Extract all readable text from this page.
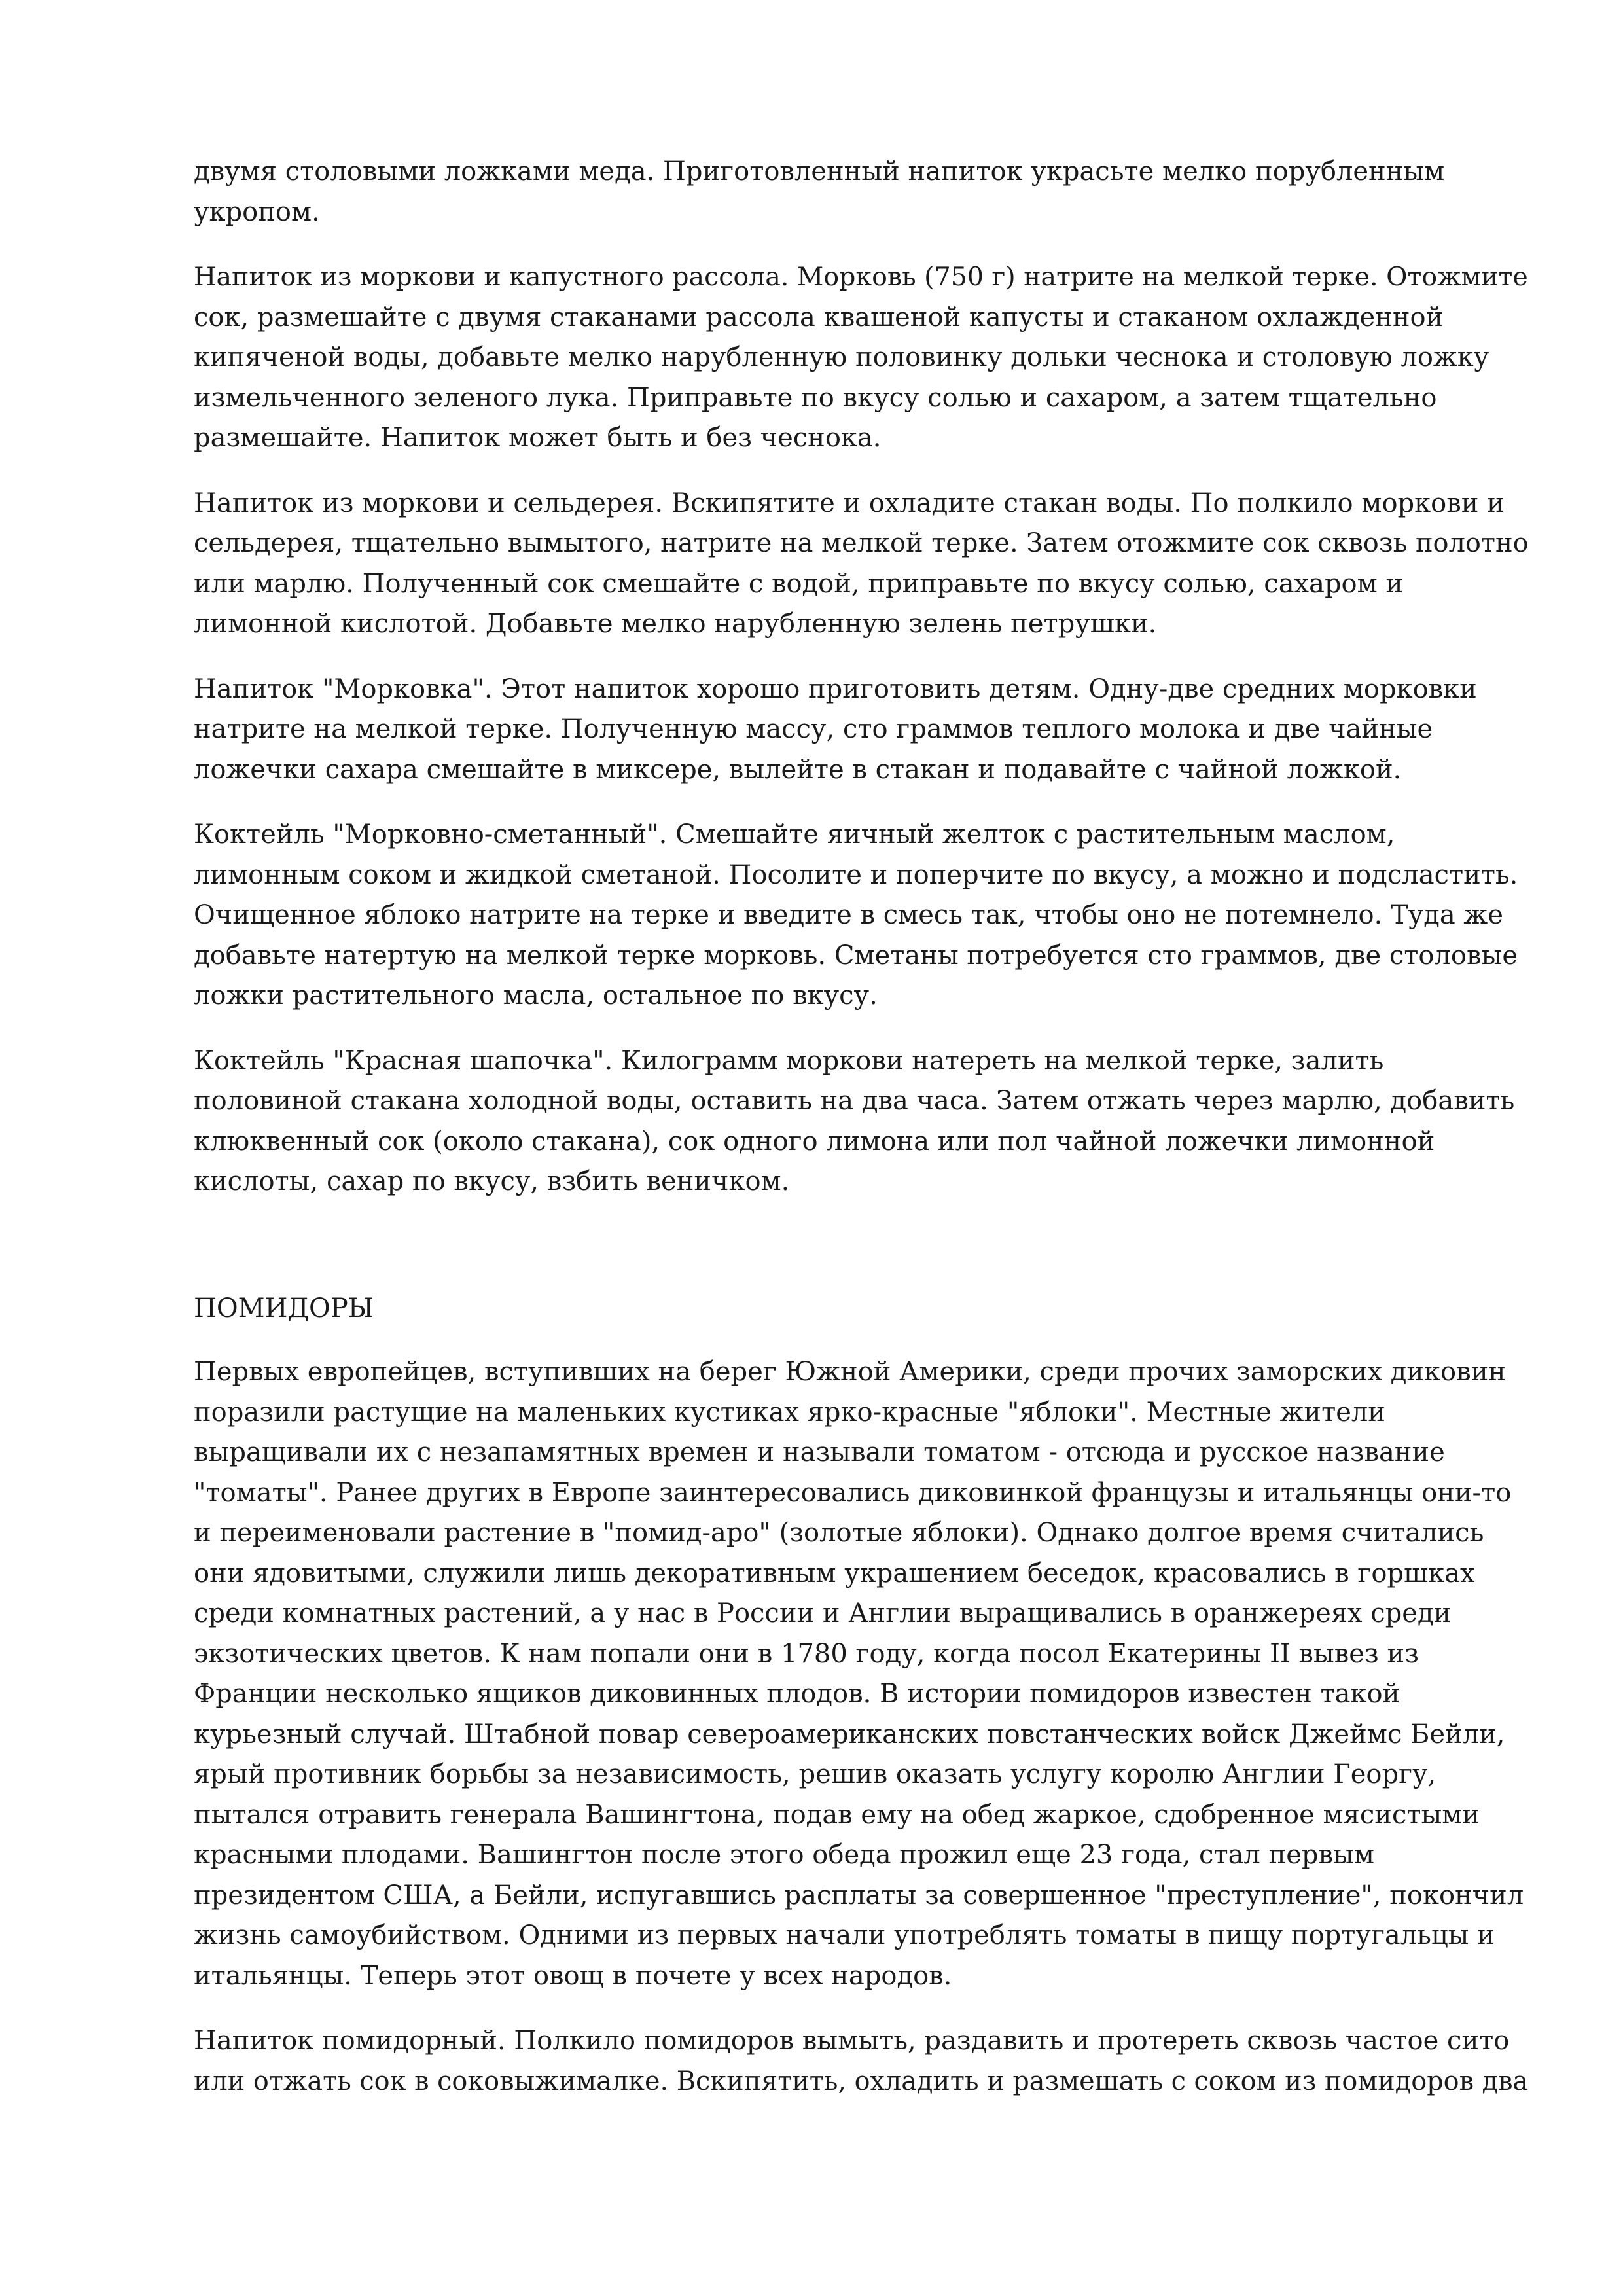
двумя столовыми ложками меда. Приготовленный напиток украсьте мелко порубленным
укропом.

Напиток из моркови и капустного рассола. Морковь (750 г) натрите на мелкой терке. Отожмите
сок, размешайте с двумя стаканами рассола квашеной капусты и стаканом охлажденной
кипяченой воды, добавьте мелко нарубленную половинку дольки чеснока и столовую ложку
измельченного зеленого лука. Приправьте по вкусу солью и сахаром, а затем тщательно
размешайте. Напиток может быть и без чеснока.

Напиток из моркови и сельдерея. Вскипятите и охладите стакан воды. По полкило моркови и
сельдерея, тщательно вымытого, натрите на мелкой терке. Затем отожмите сок сквозь полотно
или марлю. Полученный сок смешайте с водой, приправьте по вкусу солью, сахаром и
лимонной кислотой. Добавьте мелко нарубленную зелень петрушки.

Напиток "Морковка". Этот напиток хорошо приготовить детям. Одну-две средних морковки
натрите на мелкой терке. Полученную массу, сто граммов теплого молока и две чайные
ложечки сахара смешайте в миксере, вылейте в стакан и подавайте с чайной ложкой.

Коктейль "Морковно-сметанный". Смешайте яичный желток с растительным маслом,
лимонным соком и жидкой сметаной. Посолите и поперчите по вкусу, а можно и подсластить.
Очищенное яблоко натрите на терке и введите в смесь так, чтобы оно не потемнело. Туда же
добавьте натертую на мелкой терке морковь. Сметаны потребуется сто граммов, две столовые
ложки растительного масла, остальное по вкусу.

Коктейль "Красная шапочка". Килограмм моркови натереть на мелкой терке, залить
половиной стакана холодной воды, оставить на два часа. Затем отжать через марлю, добавить
клюквенный сок (около стакана), сок одного лимона или пол чайной ложечки лимонной
кислоты, сахар по вкусу, взбить веничком.

ПОМИДОРЫ

Первых европейцев, вступивших на берег Южной Америки, среди прочих заморских диковин
поразили растущие на маленьких кустиках ярко-красные "яблоки". Местные жители
выращивали их с незапамятных времен и называли томатом - отсюда и русское название
"томаты". Ранее других в Европе заинтересовались диковинкой французы и итальянцы они-то
и переименовали растение в "помид-аро" (золотые яблоки). Однако долгое время считались
они ядовитыми, служили лишь декоративным украшением беседок, красовались в горшках
среди комнатных растений, а у нас в России и Англии выращивались в оранжереях среди
экзотических цветов. К нам попали они в 1780 году, когда посол Екатерины II вывез из
Франции несколько ящиков диковинных плодов. В истории помидоров известен такой
курьезный случай. Штабной повар североамериканских повстанческих войск Джеймс Бейли,
ярый противник борьбы за независимость, решив оказать услугу королю Англии Георгу,
пытался отравить генерала Вашингтона, подав ему на обед жаркое, сдобренное мясистыми
красными плодами. Вашингтон после этого обеда прожил еще 23 года, стал первым
президентом США, а Бейли, испугавшись расплаты за совершенное "преступление", покончил
жизнь самоубийством. Одними из первых начали употреблять томаты в пищу португальцы и
итальянцы. Теперь этот овощ в почете у всех народов.

Напиток помидорный. Полкило помидоров вымыть, раздавить и протереть сквозь частое сито
или отжать сок в соковыжималке. Вскипятить, охладить и размешать с соком из помидоров два
